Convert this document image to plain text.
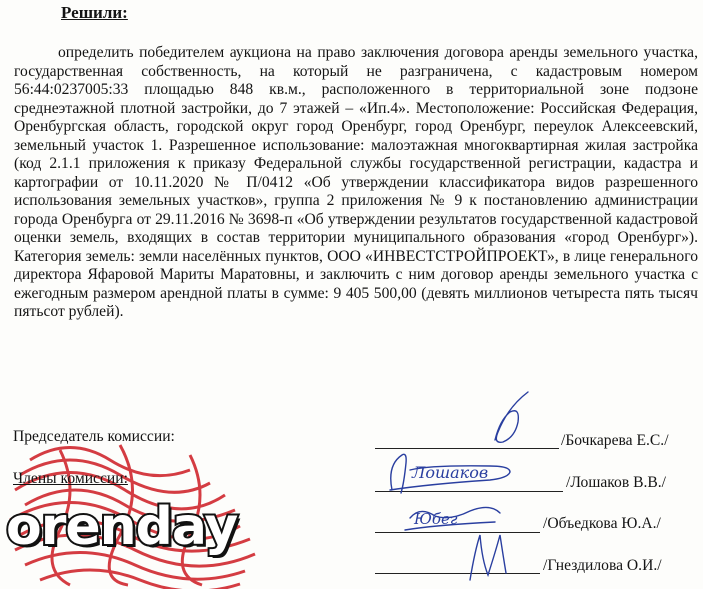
Решили:
определить победителем аукциона на право заключения договора аренды земельного участка, государственная собственность, на который не разграничена, с кадастровым номером 56:44:0237005:33 площадью 848 кв.м., расположенного в территориальной зоне подзоне среднеэтажной плотной застройки, до 7 этажей – «Ип.4». Местоположение: Российская Федерация, Оренбургская область, городской округ город Оренбург, город Оренбург, переулок Алексеевский, земельный участок 1. Разрешенное использование: малоэтажная многоквартирная жилая застройка (код 2.1.1 приложения к приказу Федеральной службы государственной регистрации, кадастра и картографии от 10.11.2020 № П/0412 «Об утверждении классификатора видов разрешенного использования земельных участков», группа 2 приложения № 9 к постановлению администрации города Оренбурга от 29.11.2016 № 3698-п «Об утверждении результатов государственной кадастровой оценки земель, входящих в состав территории муниципального образования «город Оренбург»). Категория земель: земли населённых пунктов, ООО «ИНВЕСТСТРОЙПРОЕКТ», в лице генерального директора Яфаровой Мариты Маратовны, и заключить с ним договор аренды земельного участка с ежегодным размером арендной платы в сумме: 9 405 500,00 (девять миллионов четыреста пять тысяч пятьсот рублей).
orenday
Председатель комиссии:	/Бочкарева Е.С./
Члены комиссии:	/Лошаков В.В./
/Объедкова Ю.А./
/Гнездилова О.И./
Лошаков
Юбег
